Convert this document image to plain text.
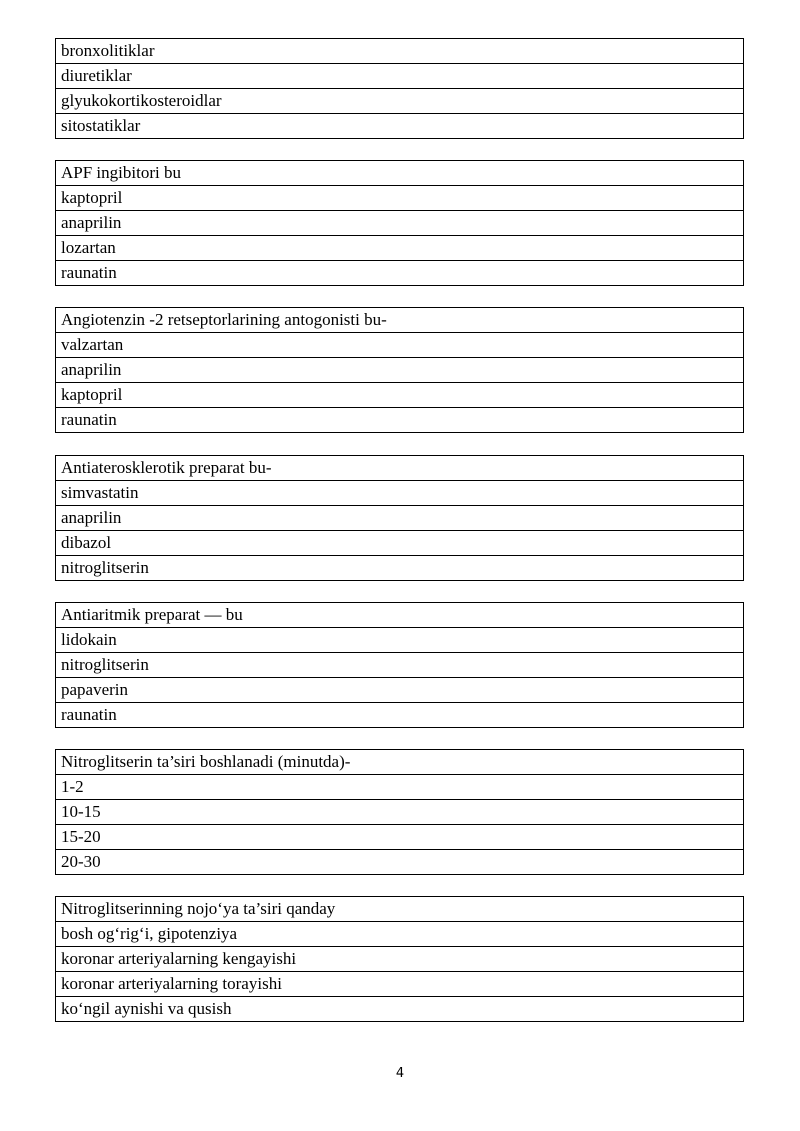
bronxolitiklar
diuretiklar
glyukokortikosteroidlar
sitostatiklar
APF ingibitori bu
kaptopril
anaprilin
lozartan
raunatin
Angiotenzin -2 retseptorlarining antogonisti bu-
valzartan
anaprilin
kaptopril
raunatin
Antiaterosklerotik preparat bu-
simvastatin
anaprilin
dibazol
nitroglitserin
Antiaritmik preparat — bu
lidokain
nitroglitserin
papaverin
raunatin
Nitroglitserin ta’siri boshlanadi (minutda)-
1-2
10-15
15-20
20-30
Nitroglitserinning nojo‘ya ta’siri qanday
bosh og‘rig‘i, gipotenziya
koronar arteriyalarning kengayishi
koronar arteriyalarning torayishi
ko‘ngil aynishi va qusish
4
